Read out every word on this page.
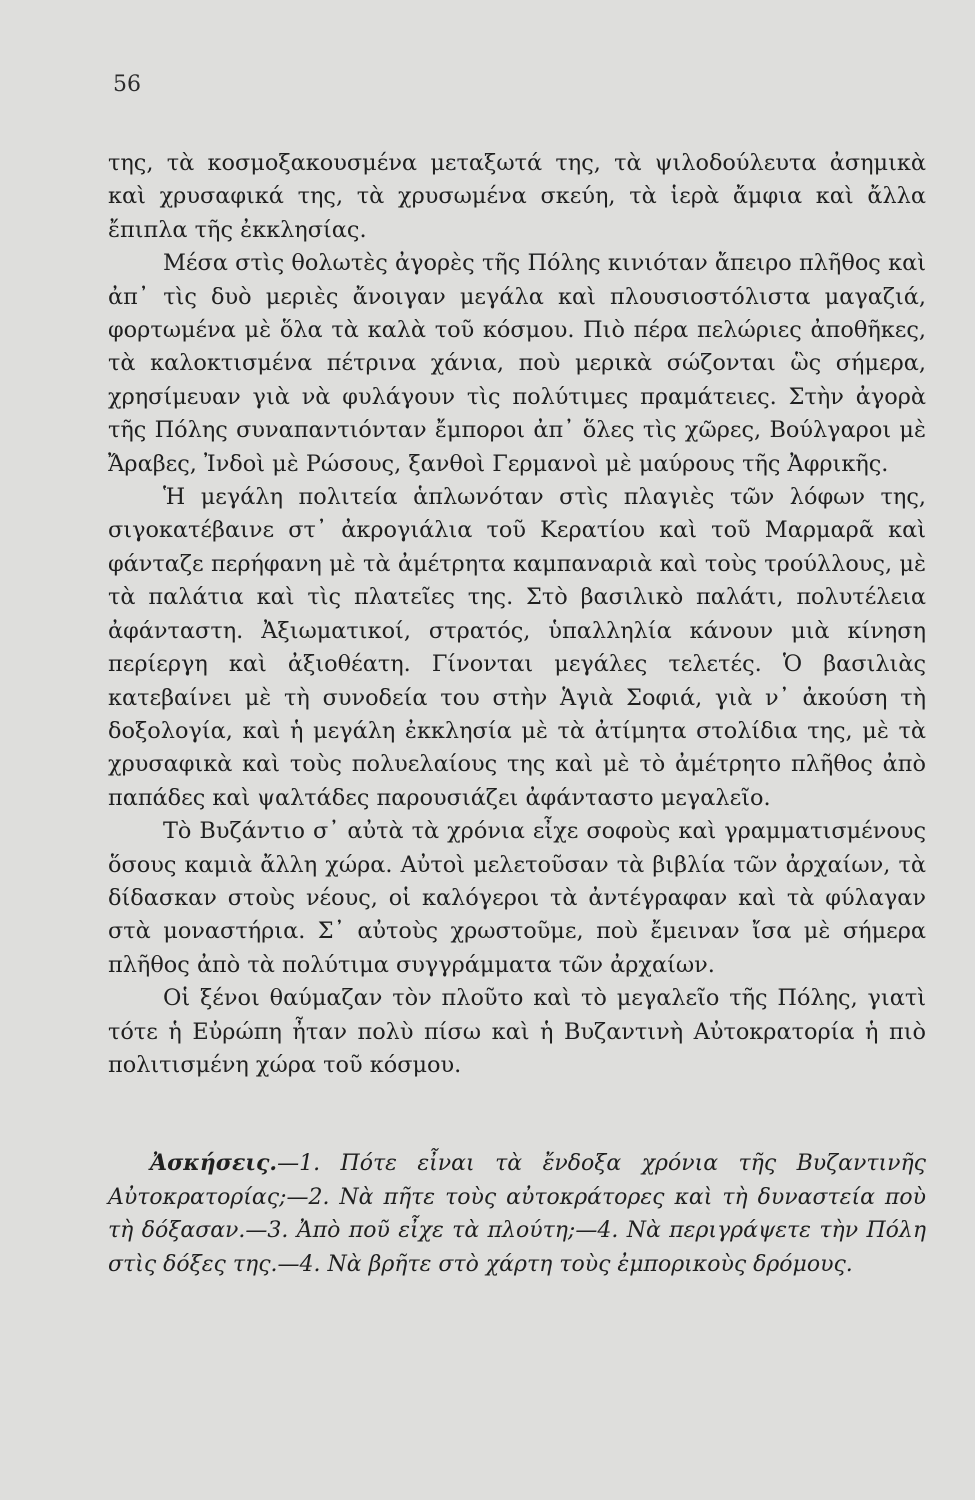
56

της, τὰ κοσμοξακουσμένα μεταξωτά της, τὰ ψιλοδούλευτα ἀσημικὰ καὶ χρυσαφικά της, τὰ χρυσωμένα σκεύη, τὰ ἱερὰ ἄμφια καὶ ἄλλα ἔπιπλα τῆς ἐκκλησίας.

Μέσα στὶς θολωτὲς ἀγορὲς τῆς Πόλης κινιόταν ἄπειρο πλῆθος καὶ ἀπ᾿ τὶς δυὸ μεριὲς ἄνοιγαν μεγάλα καὶ πλουσιοστόλιστα μαγαζιά, φορτωμένα μὲ ὅλα τὰ καλὰ τοῦ κόσμου. Πιὸ πέρα πελώριες ἀποθῆκες, τὰ καλοκτισμένα πέτρινα χάνια, ποὺ μερικὰ σώζονται ὣς σήμερα, χρησίμευαν γιὰ νὰ φυλάγουν τὶς πολύτιμες πραμάτειες. Στὴν ἀγορὰ τῆς Πόλης συναπαντιόνταν ἔμποροι ἀπ᾿ ὅλες τὶς χῶρες, Βούλγαροι μὲ Ἄραβες, Ἰνδοὶ μὲ Ρώσους, ξανθοὶ Γερμανοὶ μὲ μαύρους τῆς Ἀφρικῆς.

Ἡ μεγάλη πολιτεία ἁπλωνόταν στὶς πλαγιὲς τῶν λόφων της, σιγοκατέβαινε στ᾿ ἀκρογιάλια τοῦ Κερατίου καὶ τοῦ Μαρμαρᾶ καὶ φάνταζε περήφανη μὲ τὰ ἀμέτρητα καμπαναριὰ καὶ τοὺς τρούλλους, μὲ τὰ παλάτια καὶ τὶς πλατεῖες της. Στὸ βασιλικὸ παλάτι, πολυτέλεια ἀφάνταστη. Ἀξιωματικοί, στρατός, ὑπαλληλία κάνουν μιὰ κίνηση περίεργη καὶ ἀξιοθέατη. Γίνονται μεγάλες τελετές. Ὁ βασιλιὰς κατεβαίνει μὲ τὴ συνοδεία του στὴν Ἁγιὰ Σοφιά, γιὰ ν᾿ ἀκούση τὴ δοξολογία, καὶ ἡ μεγάλη ἐκκλησία μὲ τὰ ἀτίμητα στολίδια της, μὲ τὰ χρυσαφικὰ καὶ τοὺς πολυελαίους της καὶ μὲ τὸ ἀμέτρητο πλῆθος ἀπὸ παπάδες καὶ ψαλτάδες παρουσιάζει ἀφάνταστο μεγαλεῖο.

Τὸ Βυζάντιο σ᾿ αὐτὰ τὰ χρόνια εἶχε σοφοὺς καὶ γραμματισμένους ὅσους καμιὰ ἄλλη χώρα. Αὐτοὶ μελετοῦσαν τὰ βιβλία τῶν ἀρχαίων, τὰ δίδασκαν στοὺς νέους, οἱ καλόγεροι τὰ ἀντέγραφαν καὶ τὰ φύλαγαν στὰ μοναστήρια. Σ᾿ αὐτοὺς χρωστοῦμε, ποὺ ἔμειναν ἴσα μὲ σήμερα πλῆθος ἀπὸ τὰ πολύτιμα συγγράμματα τῶν ἀρχαίων.

Οἱ ξένοι θαύμαζαν τὸν πλοῦτο καὶ τὸ μεγαλεῖο τῆς Πόλης, γιατὶ τότε ἡ Εὐρώπη ἦταν πολὺ πίσω καὶ ἡ Βυζαντινὴ Αὐτοκρατορία ἡ πιὸ πολιτισμένη χώρα τοῦ κόσμου.

Ἀσκήσεις.—1. Πότε εἶναι τὰ ἔνδοξα χρόνια τῆς Βυζαντινῆς Αὐτοκρατορίας;—2. Νὰ πῆτε τοὺς αὐτοκράτορες καὶ τὴ δυναστεία ποὺ τὴ δόξασαν.—3. Ἀπὸ ποῦ εἶχε τὰ πλούτη;—4. Νὰ περιγράψετε τὴν Πόλη στὶς δόξες της.—4. Νὰ βρῆτε στὸ χάρτη τοὺς ἐμπορικοὺς δρόμους.
